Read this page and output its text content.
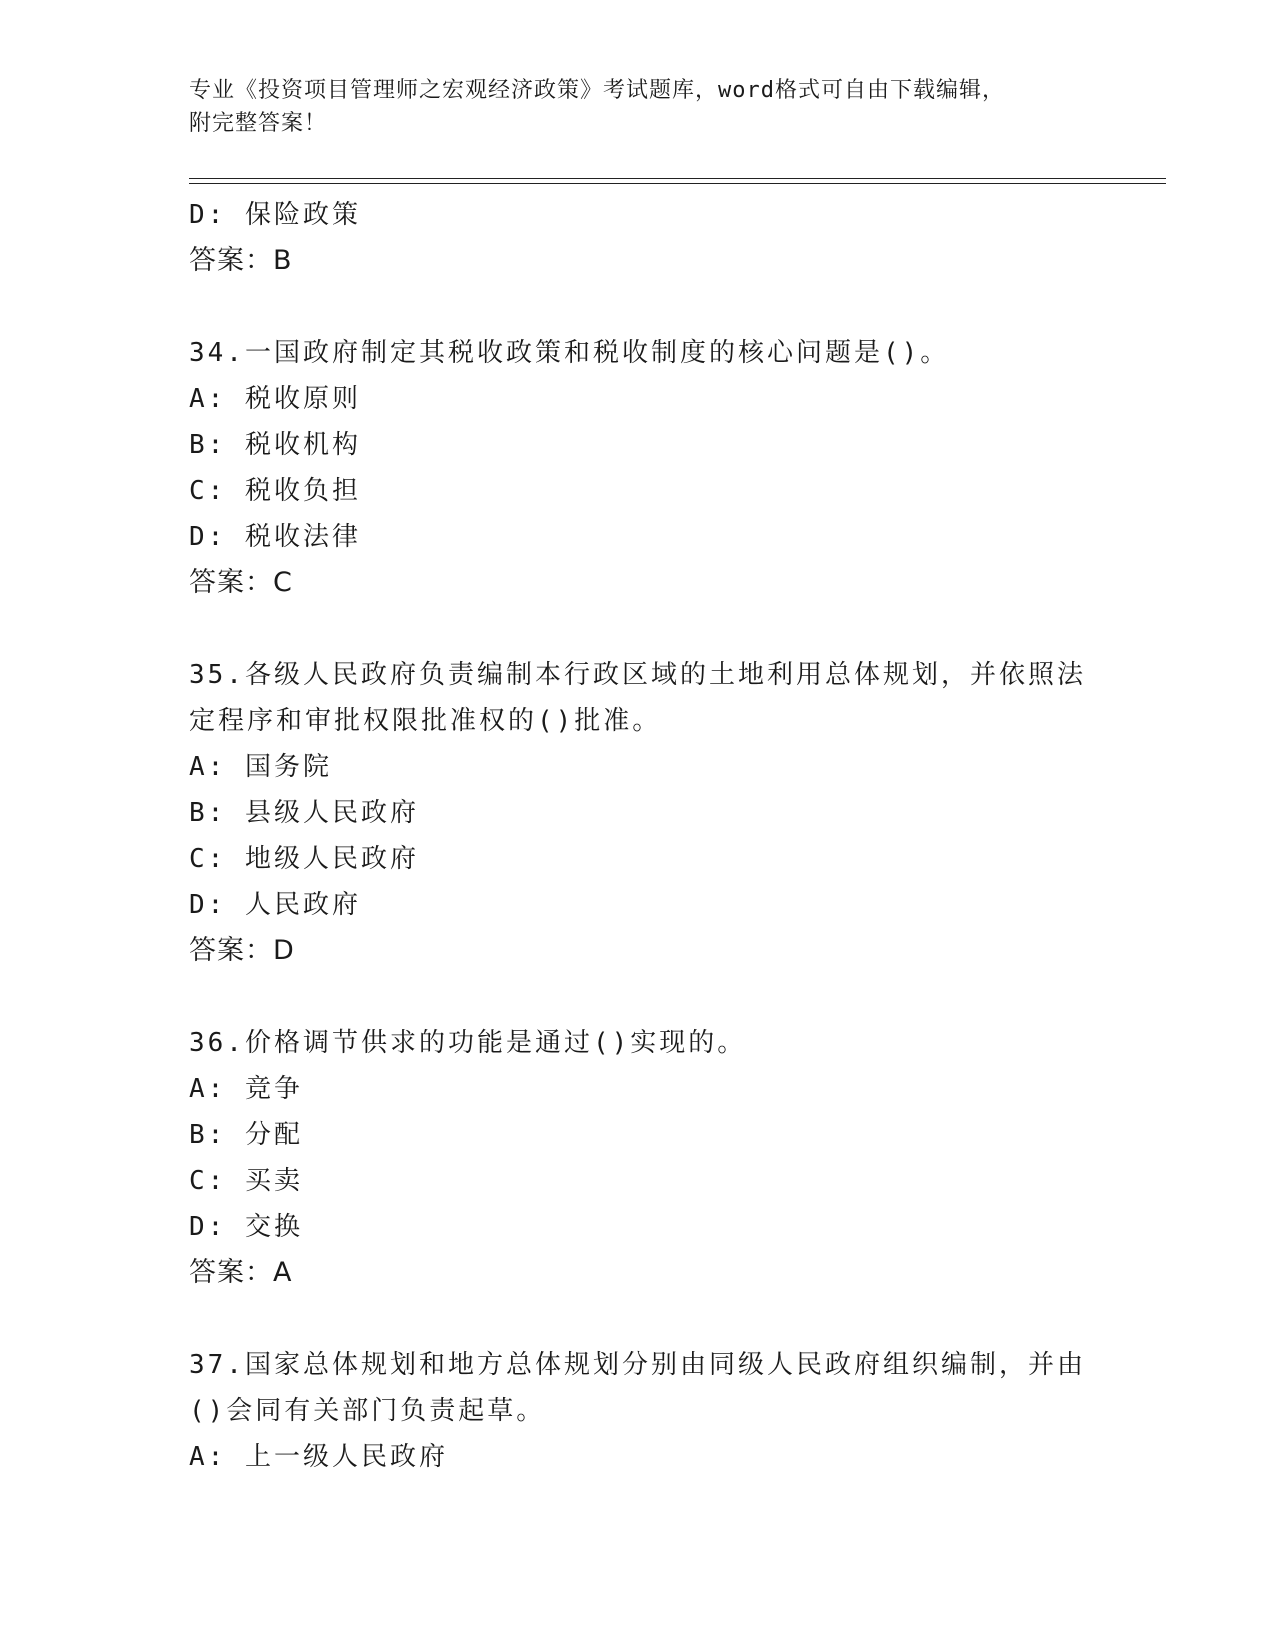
专业《投资项目管理师之宏观经济政策》考试题库，word格式可自由下载编辑，
附完整答案！
D: 保险政策
答案：B
34.一国政府制定其税收政策和税收制度的核心问题是()。
A: 税收原则
B: 税收机构
C: 税收负担
D: 税收法律
答案：C
35.各级人民政府负责编制本行政区域的土地利用总体规划，并依照法
定程序和审批权限批准权的()批准。
A: 国务院
B: 县级人民政府
C: 地级人民政府
D: 人民政府
答案：D
36.价格调节供求的功能是通过()实现的。
A: 竞争
B: 分配
C: 买卖
D: 交换
答案：A
37.国家总体规划和地方总体规划分别由同级人民政府组织编制，并由
()会同有关部门负责起草。
A: 上一级人民政府
